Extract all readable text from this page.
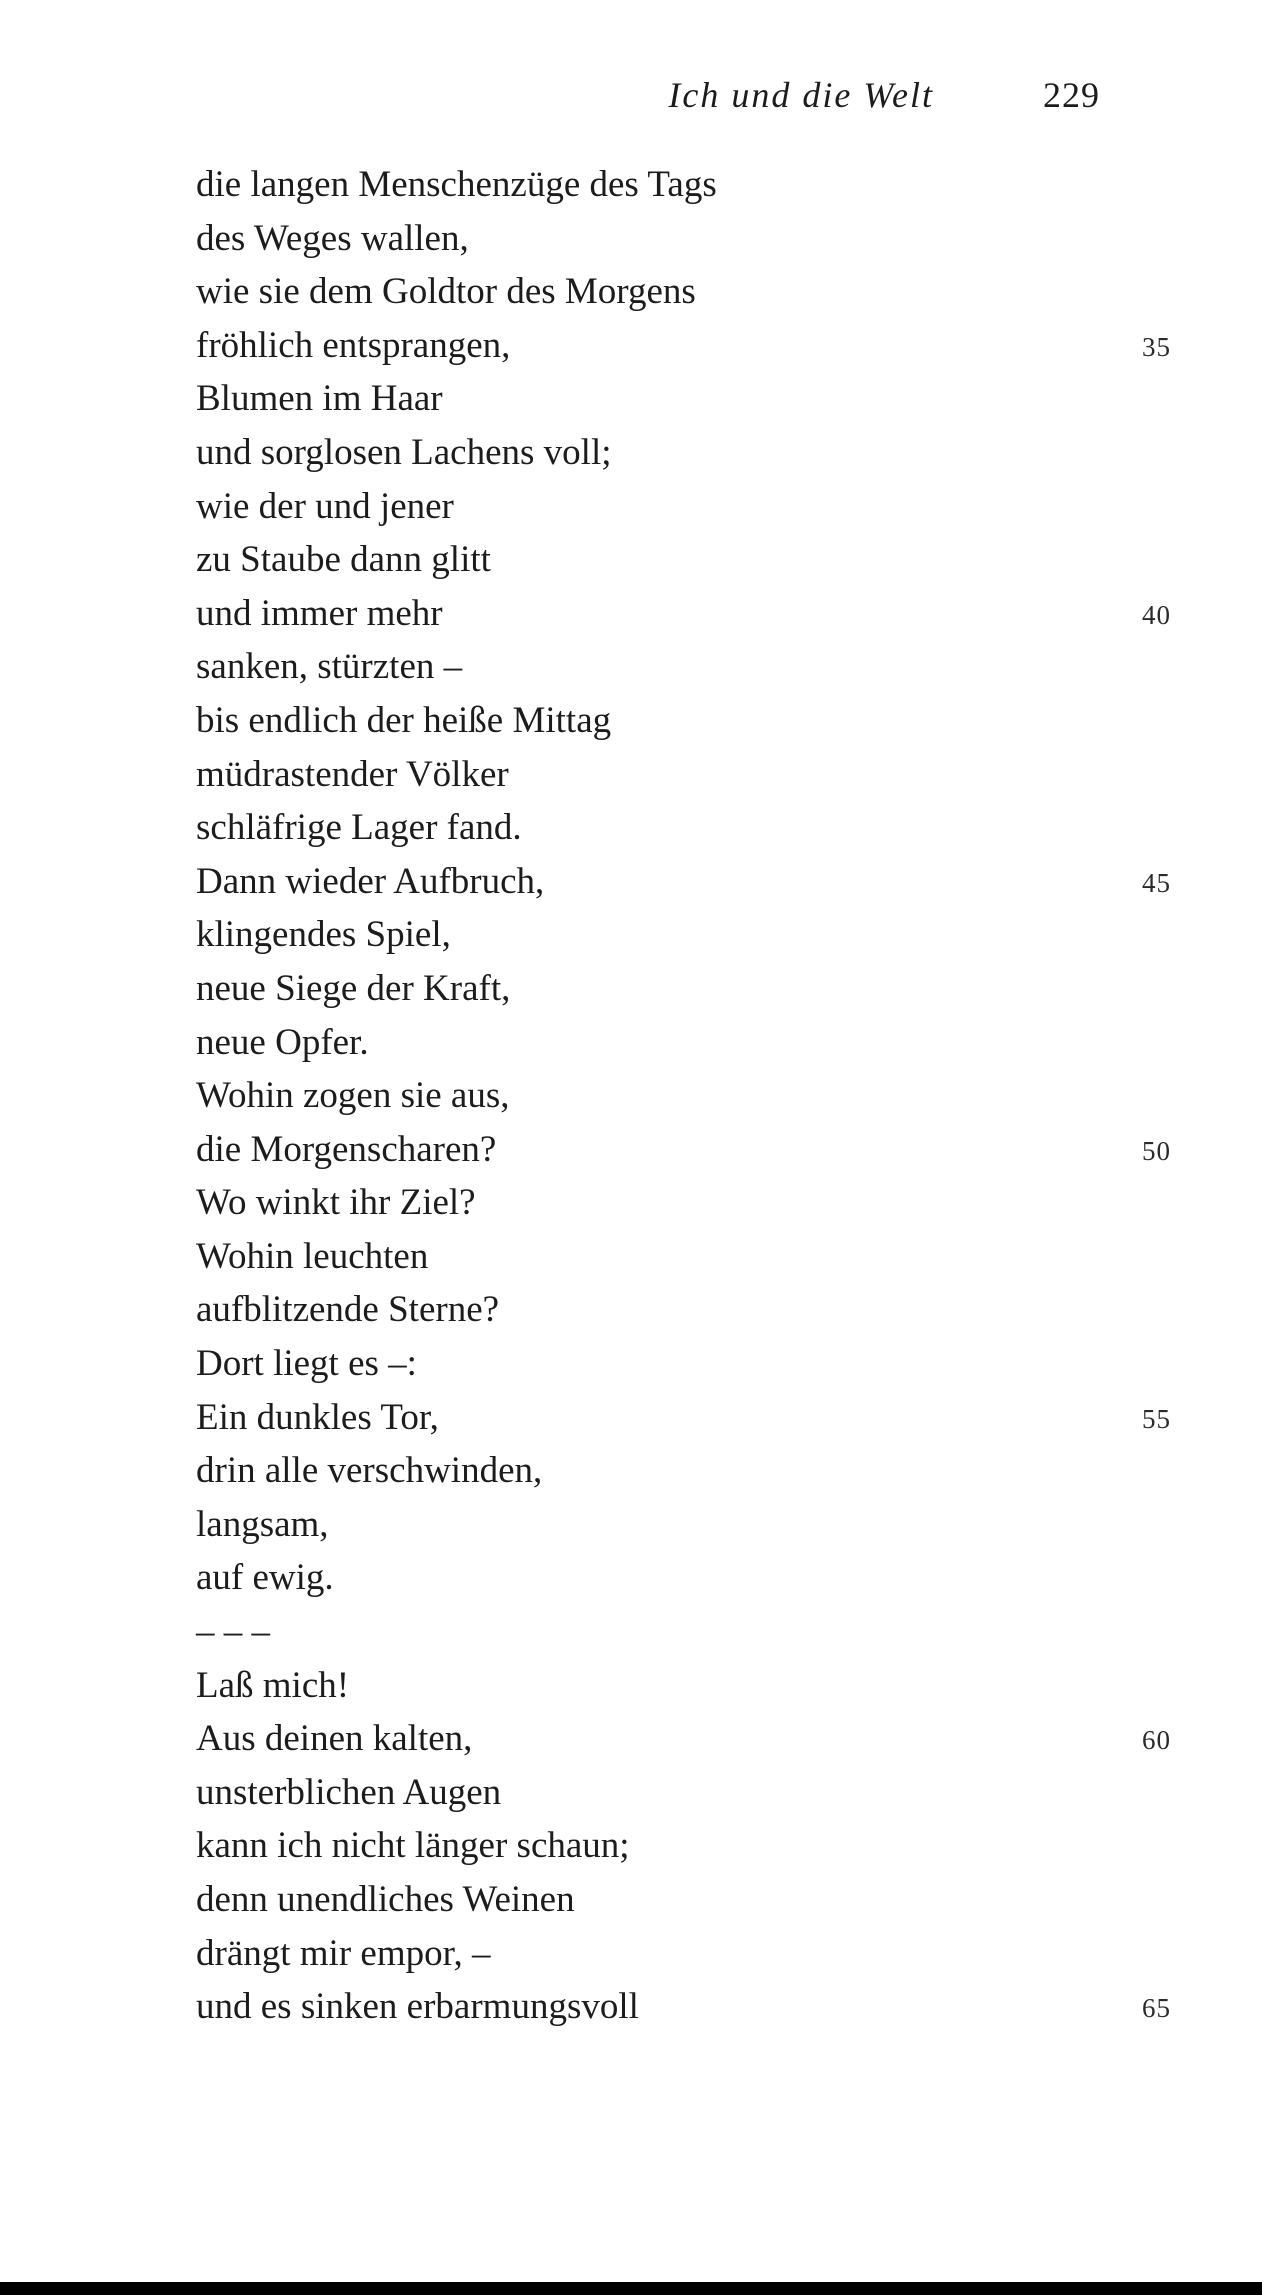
Ich und die Welt	229
die langen Menschenzüge des Tags
des Weges wallen,
wie sie dem Goldtor des Morgens
fröhlich entsprangen,	35
Blumen im Haar
und sorglosen Lachens voll;
wie der und jener
zu Staube dann glitt
und immer mehr	40
sanken, stürzten –
bis endlich der heiße Mittag
müdrastender Völker
schläfrige Lager fand.
Dann wieder Aufbruch,	45
klingendes Spiel,
neue Siege der Kraft,
neue Opfer.
Wohin zogen sie aus,
die Morgenscharen?	50
Wo winkt ihr Ziel?
Wohin leuchten
aufblitzende Sterne?
Dort liegt es –:
Ein dunkles Tor,	55
drin alle verschwinden,
langsam,
auf ewig.
– – –
Laß mich!
Aus deinen kalten,	60
unsterblichen Augen
kann ich nicht länger schaun;
denn unendliches Weinen
drängt mir empor, –
und es sinken erbarmungsvoll	65
